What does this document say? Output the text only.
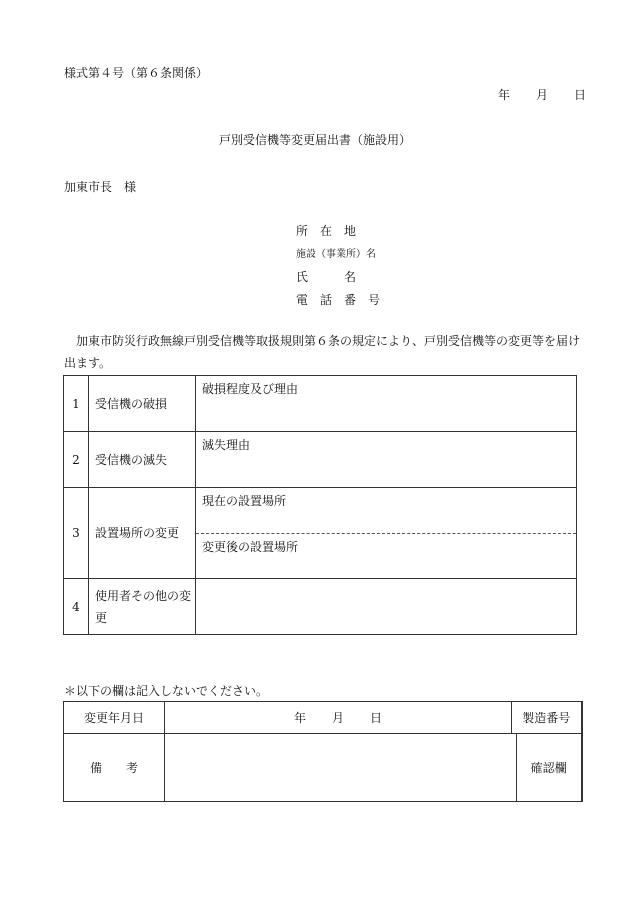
様式第４号（第６条関係）
年 月 日
戸別受信機等変更届出書（施設用）
加東市長　様
所　在　地
施設（事業所）名
氏　　　名
電　話　番　号
加東市防災行政無線戸別受信機等取扱規則第６条の規定により、戸別受信機等の変更等を届け出ます。
1	受信機の破損	破損程度及び理由
2	受信機の滅失	滅失理由
3	設置場所の変更	現在の設置場所
		変更後の設置場所
4	使用者その他の変更	
＊以下の欄は記入しないでください。
変更年月日	年 月 日	製造番号		
備　　考			確認欄	
